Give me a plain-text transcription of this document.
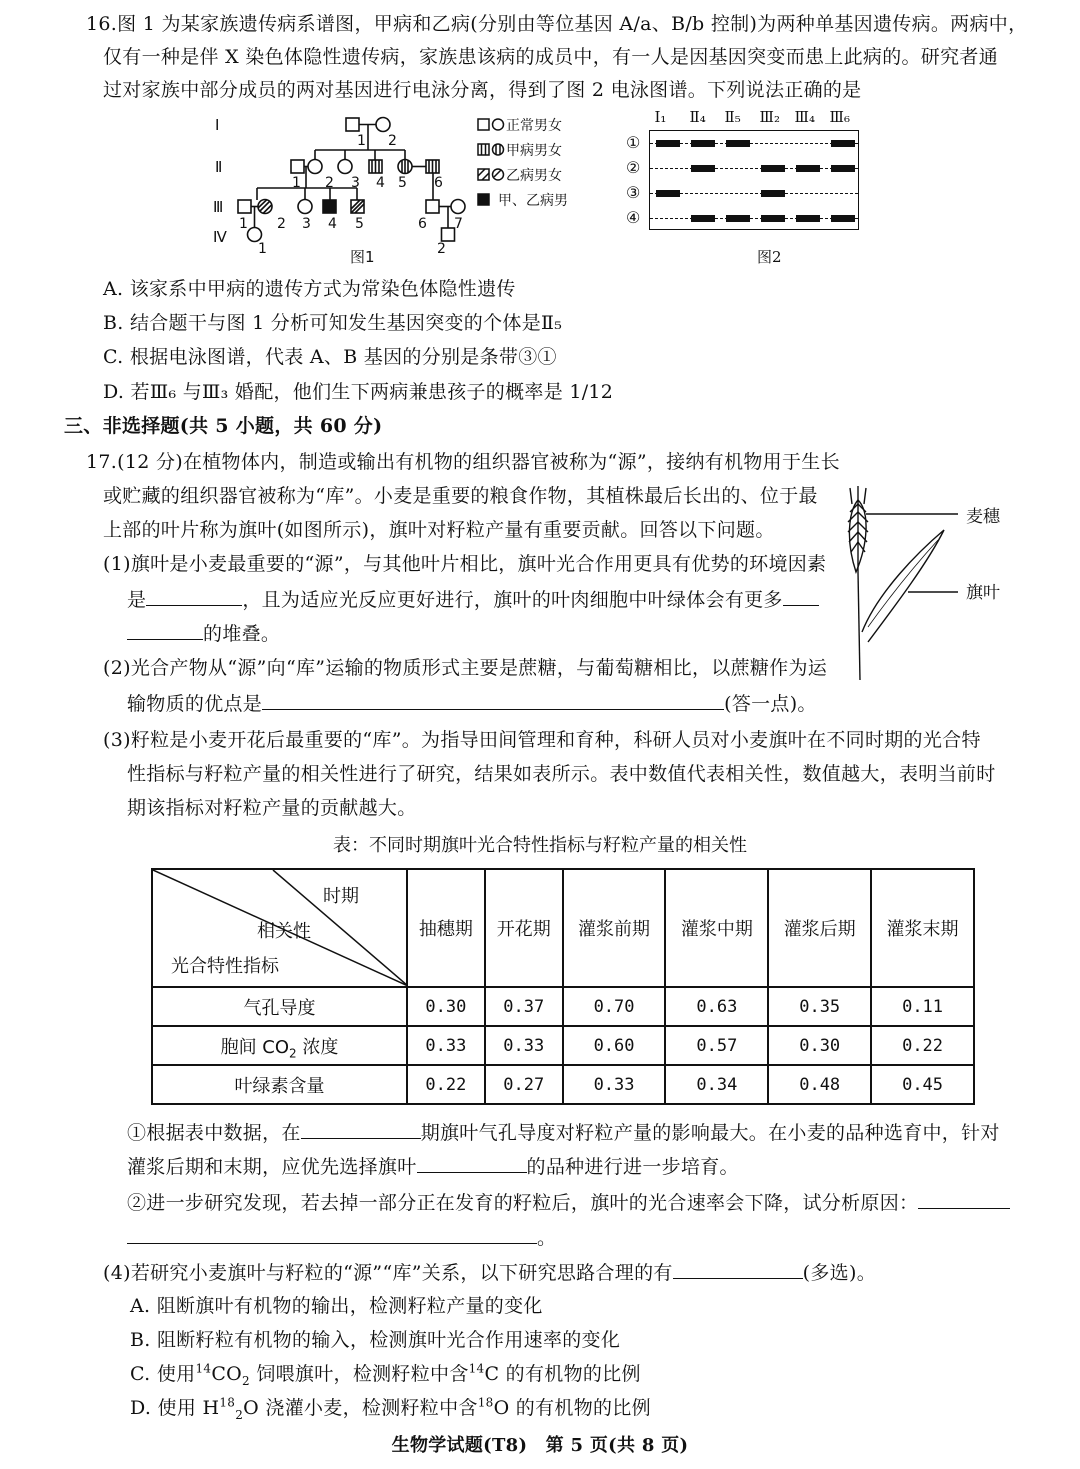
16.图 1 为某家族遗传病系谱图，甲病和乙病(分别由等位基因 A/a、B/b 控制)为两种单基因遗传病。两病中，
仅有一种是伴 X 染色体隐性遗传病，家族患该病的成员中，有一人是因基因突变而患上此病的。研究者通
过对家族中部分成员的两对基因进行电泳分离，得到了图 2 电泳图谱。下列说法正确的是
Ⅰ
Ⅱ
Ⅲ
Ⅳ
1 2
1 2 3 4 5 6
1 2 3 4 5	6 7
1	2
图1
正常男女
甲病男女
乙病男女
甲、乙病男
Ⅰ₁ Ⅱ₄ Ⅱ₅ Ⅲ₂ Ⅲ₄ Ⅲ₆
①
②
③
④
图2
A. 该家系中甲病的遗传方式为常染色体隐性遗传
B. 结合题干与图 1 分析可知发生基因突变的个体是Ⅱ₅
C. 根据电泳图谱，代表 A、B 基因的分别是条带③①
D. 若Ⅲ₆ 与Ⅲ₃ 婚配，他们生下两病兼患孩子的概率是 1/12
三、非选择题(共 5 小题，共 60 分)
17.(12 分)在植物体内，制造或输出有机物的组织器官被称为“源”，接纳有机物用于生长
或贮藏的组织器官被称为“库”。小麦是重要的粮食作物，其植株最后长出的、位于最
上部的叶片称为旗叶(如图所示)，旗叶对籽粒产量有重要贡献。回答以下问题。
(1)旗叶是小麦最重要的“源”，与其他叶片相比，旗叶光合作用更具有优势的环境因素
是	，且为适应光反应更好进行，旗叶的叶肉细胞中叶绿体会有更多
的堆叠。
(2)光合产物从“源”向“库”运输的物质形式主要是蔗糖，与葡萄糖相比，以蔗糖作为运
输物质的优点是	(答一点)。
麦穗
旗叶
(3)籽粒是小麦开花后最重要的“库”。为指导田间管理和育种，科研人员对小麦旗叶在不同时期的光合特
性指标与籽粒产量的相关性进行了研究，结果如表所示。表中数值代表相关性，数值越大，表明当前时
期该指标对籽粒产量的贡献越大。
表：不同时期旗叶光合特性指标与籽粒产量的相关性
时期
相关性
光合特性指标	抽穗期	开花期	灌浆前期	灌浆中期	灌浆后期	灌浆末期
气孔导度	0.30	0.37	0.70	0.63	0.35	0.11
胞间 $CO_2$ 浓度	0.33	0.33	0.60	0.57	0.30	0.22
叶绿素含量	0.22	0.27	0.33	0.34	0.48	0.45
①根据表中数据，在	期旗叶气孔导度对籽粒产量的影响最大。在小麦的品种选育中，针对
灌浆后期和末期，应优先选择旗叶	的品种进行进一步培育。
②进一步研究发现，若去掉一部分正在发育的籽粒后，旗叶的光合速率会下降，试分析原因：
。
(4)若研究小麦旗叶与籽粒的“源”“库”关系，以下研究思路合理的有	(多选)。
A. 阻断旗叶有机物的输出，检测籽粒产量的变化
B. 阻断籽粒有机物的输入，检测旗叶光合作用速率的变化
C. 使用$^{14}CO_2$ 饲喂旗叶，检测籽粒中含$^{14}$C 的有机物的比例
D. 使用 $H^{18}_2O$ 浇灌小麦，检测籽粒中含$^{18}$O 的有机物的比例
生物学试题(T8)　第 5 页(共 8 页)
